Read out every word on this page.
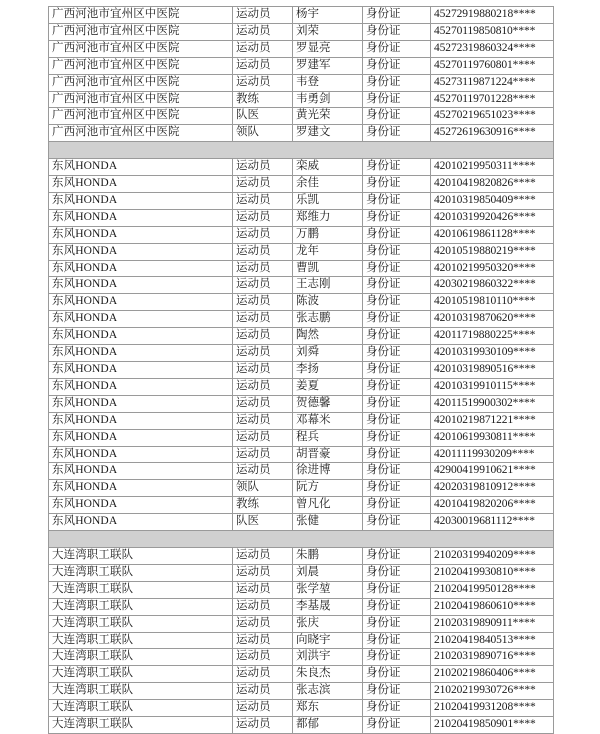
广西河池市宜州区中医院	运动员	杨宇	身份证	45272919880218****
广西河池市宜州区中医院	运动员	刘荣	身份证	45270119850810****
广西河池市宜州区中医院	运动员	罗显亮	身份证	45272319860324****
广西河池市宜州区中医院	运动员	罗建军	身份证	45270119760801****
广西河池市宜州区中医院	运动员	韦登	身份证	45273119871224****
广西河池市宜州区中医院	教练	韦勇剑	身份证	45270119701228****
广西河池市宜州区中医院	队医	黄光荣	身份证	45270219651023****
广西河池市宜州区中医院	领队	罗建文	身份证	45272619630916****

东风HONDA	运动员	栾威	身份证	42010219950311****
东风HONDA	运动员	余佳	身份证	42010419820826****
东风HONDA	运动员	乐凯	身份证	42010319850409****
东风HONDA	运动员	郑维力	身份证	42010319920426****
东风HONDA	运动员	万鹏	身份证	42010619861128****
东风HONDA	运动员	龙年	身份证	42010519880219****
东风HONDA	运动员	曹凯	身份证	42010219950320****
东风HONDA	运动员	王志刚	身份证	42030219860322****
东风HONDA	运动员	陈波	身份证	42010519810110****
东风HONDA	运动员	张志鹏	身份证	42010319870620****
东风HONDA	运动员	陶然	身份证	42011719880225****
东风HONDA	运动员	刘舜	身份证	42010319930109****
东风HONDA	运动员	李扬	身份证	42010319890516****
东风HONDA	运动员	姜夏	身份证	42010319910115****
东风HONDA	运动员	贺德馨	身份证	42011519900302****
东风HONDA	运动员	邓幕米	身份证	42010219871221****
东风HONDA	运动员	程兵	身份证	42010619930811****
东风HONDA	运动员	胡晋豪	身份证	42011119930209****
东风HONDA	运动员	徐进博	身份证	42900419910621****
东风HONDA	领队	阮方	身份证	42020319810912****
东风HONDA	教练	曾凡化	身份证	42010419820206****
东风HONDA	队医	张健	身份证	42030019681112****

大连湾职工联队	运动员	朱鹏	身份证	21020319940209****
大连湾职工联队	运动员	刘晨	身份证	21020419930810****
大连湾职工联队	运动员	张学堃	身份证	21020419950128****
大连湾职工联队	运动员	李基晟	身份证	21020419860610****
大连湾职工联队	运动员	张庆	身份证	21020319890911****
大连湾职工联队	运动员	向晓宇	身份证	21020419840513****
大连湾职工联队	运动员	刘洪宇	身份证	21020319890716****
大连湾职工联队	运动员	朱良杰	身份证	21020219860406****
大连湾职工联队	运动员	张志滨	身份证	21020219930726****
大连湾职工联队	运动员	郑东	身份证	21020419931208****
大连湾职工联队	运动员	都郁	身份证	21020419850901****
